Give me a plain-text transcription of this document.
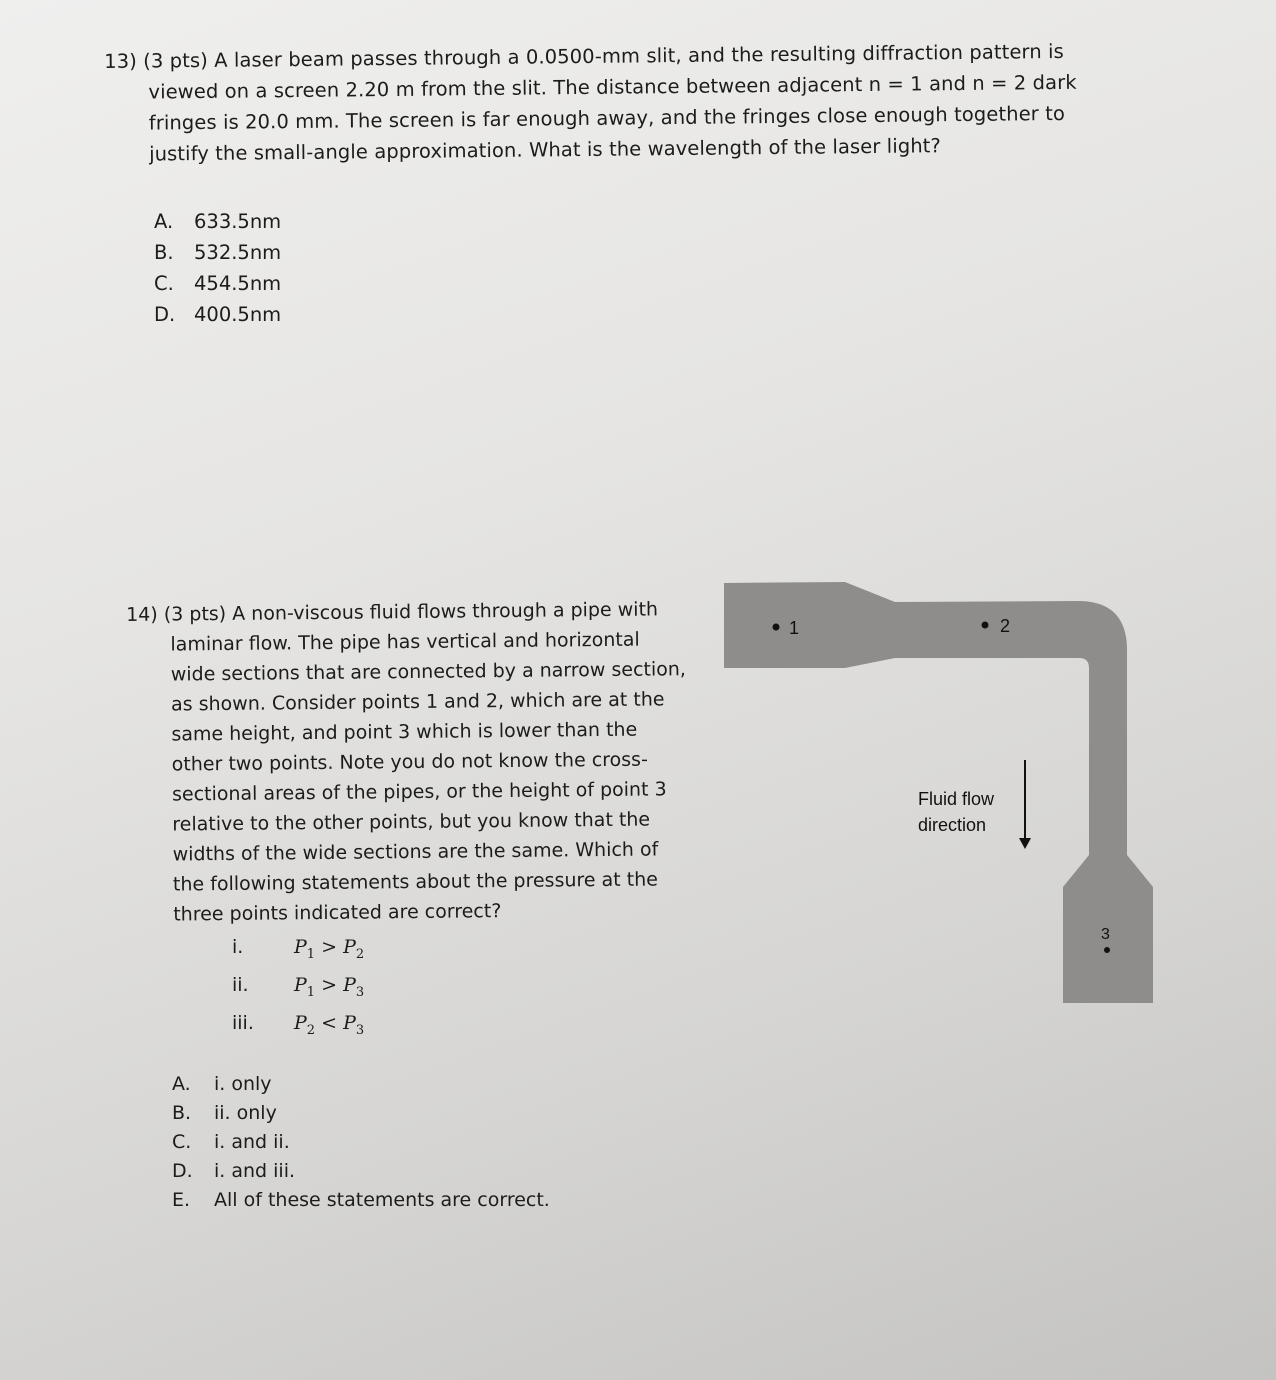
13) (3 pts) A laser beam passes through a 0.0500-mm slit, and the resulting diffraction pattern is
viewed on a screen 2.20 m from the slit. The distance between adjacent n = 1 and n = 2 dark
fringes is 20.0 mm. The screen is far enough away, and the fringes close enough together to
justify the small-angle approximation. What is the wavelength of the laser light?
A. 633.5nm
B. 532.5nm
C. 454.5nm
D. 400.5nm
14) (3 pts) A non-viscous fluid flows through a pipe with
laminar flow. The pipe has vertical and horizontal
wide sections that are connected by a narrow section,
as shown. Consider points 1 and 2, which are at the
same height, and point 3 which is lower than the
other two points. Note you do not know the cross-
sectional areas of the pipes, or the height of point 3
relative to the other points, but you know that the
widths of the wide sections are the same. Which of
the following statements about the pressure at the
three points indicated are correct?
i.	$P_1 > P_2$
ii. $P_1 > P_3$
iii. $P_2 < P_3$
A. i. only
B. ii. only
C. i. and ii.
D. i. and iii.
E. All of these statements are correct.
1	2
3
Fluid flow
direction
